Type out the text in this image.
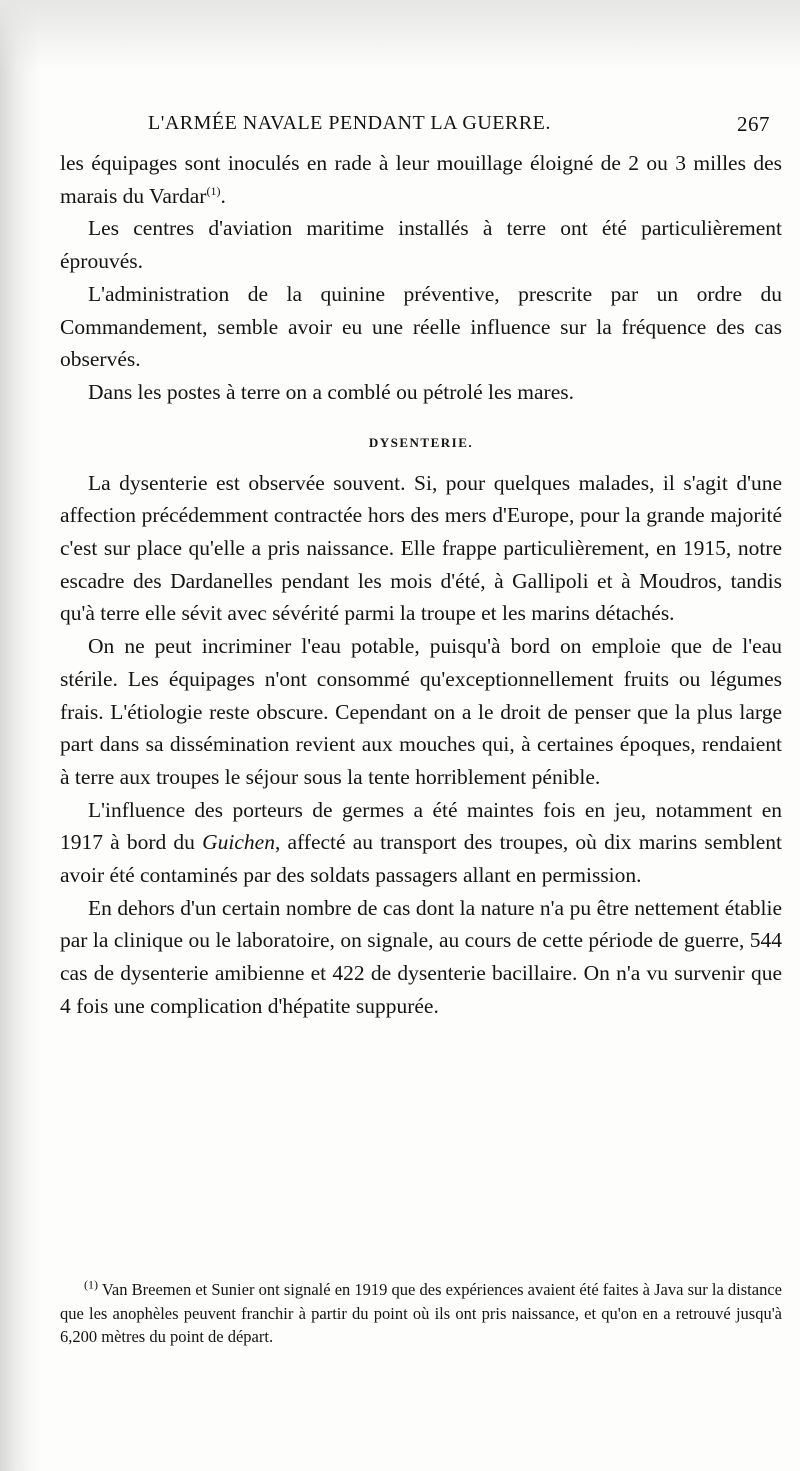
L'ARMÉE NAVALE PENDANT LA GUERRE.	267

les équipages sont inoculés en rade à leur mouillage éloigné de 2 ou 3 milles des marais du Vardar$^{(1)}$.

Les centres d'aviation maritime installés à terre ont été particulièrement éprouvés.

L'administration de la quinine préventive, prescrite par un ordre du Commandement, semble avoir eu une réelle influence sur la fréquence des cas observés.

Dans les postes à terre on a comblé ou pétrolé les mares.

DYSENTERIE.

La dysenterie est observée souvent. Si, pour quelques malades, il s'agit d'une affection précédemment contractée hors des mers d'Europe, pour la grande majorité c'est sur place qu'elle a pris naissance. Elle frappe particulièrement, en 1915, notre escadre des Dardanelles pendant les mois d'été, à Gallipoli et à Moudros, tandis qu'à terre elle sévit avec sévérité parmi la troupe et les marins détachés.

On ne peut incriminer l'eau potable, puisqu'à bord on emploie que de l'eau stérile. Les équipages n'ont consommé qu'exceptionnellement fruits ou légumes frais. L'étiologie reste obscure. Cependant on a le droit de penser que la plus large part dans sa dissémination revient aux mouches qui, à certaines époques, rendaient à terre aux troupes le séjour sous la tente horriblement pénible.

L'influence des porteurs de germes a été maintes fois en jeu, notamment en 1917 à bord du Guichen, affecté au transport des troupes, où dix marins semblent avoir été contaminés par des soldats passagers allant en permission.

En dehors d'un certain nombre de cas dont la nature n'a pu être nettement établie par la clinique ou le laboratoire, on signale, au cours de cette période de guerre, 544 cas de dysenterie amibienne et 422 de dysenterie bacillaire. On n'a vu survenir que 4 fois une complication d'hépatite suppurée.

$^{(1)}$ Van Breemen et Sunier ont signalé en 1919 que des expériences avaient été faites à Java sur la distance que les anophèles peuvent franchir à partir du point où ils ont pris naissance, et qu'on en a retrouvé jusqu'à 6,200 mètres du point de départ.
